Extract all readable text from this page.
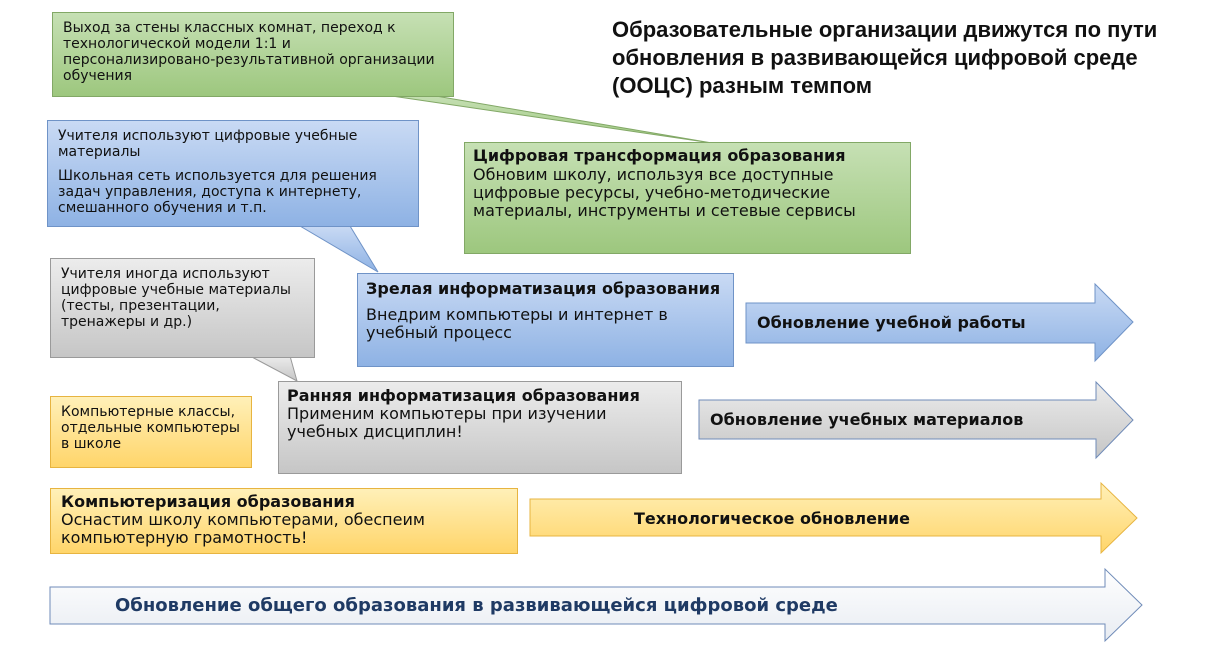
Образовательные организации движутся по пути обновления в развивающейся цифровой среде (ООЦС) разным темпом
Выход за стены классных комнат, переход к технологической модели 1:1 и персонализировано-результативной организации обучения

Учителя используют цифровые учебные материалы

Школьная сеть используется для решения задач управления, доступа к интернету, смешанного обучения и т.п.

Учителя иногда используют цифровые учебные материалы (тесты, презентации, тренажеры и др.)
Компьютерные классы, отдельные компьютеры в школе
Цифровая трансформация образования
Обновим школу, используя все доступные цифровые ресурсы, учебно-методические материалы, инструменты и сетевые сервисы
Зрелая информатизация образования
Внедрим компьютеры и интернет в учебный процесс
Ранняя информатизация образования
Применим компьютеры при изучении учебных дисциплин!
Компьютеризация образования
Оснастим школу компьютерами, обеспеим компьютерную грамотность!
Обновление учебной работы
Обновление учебных материалов
Технологическое обновление
Обновление общего образования в развивающейся цифровой среде
